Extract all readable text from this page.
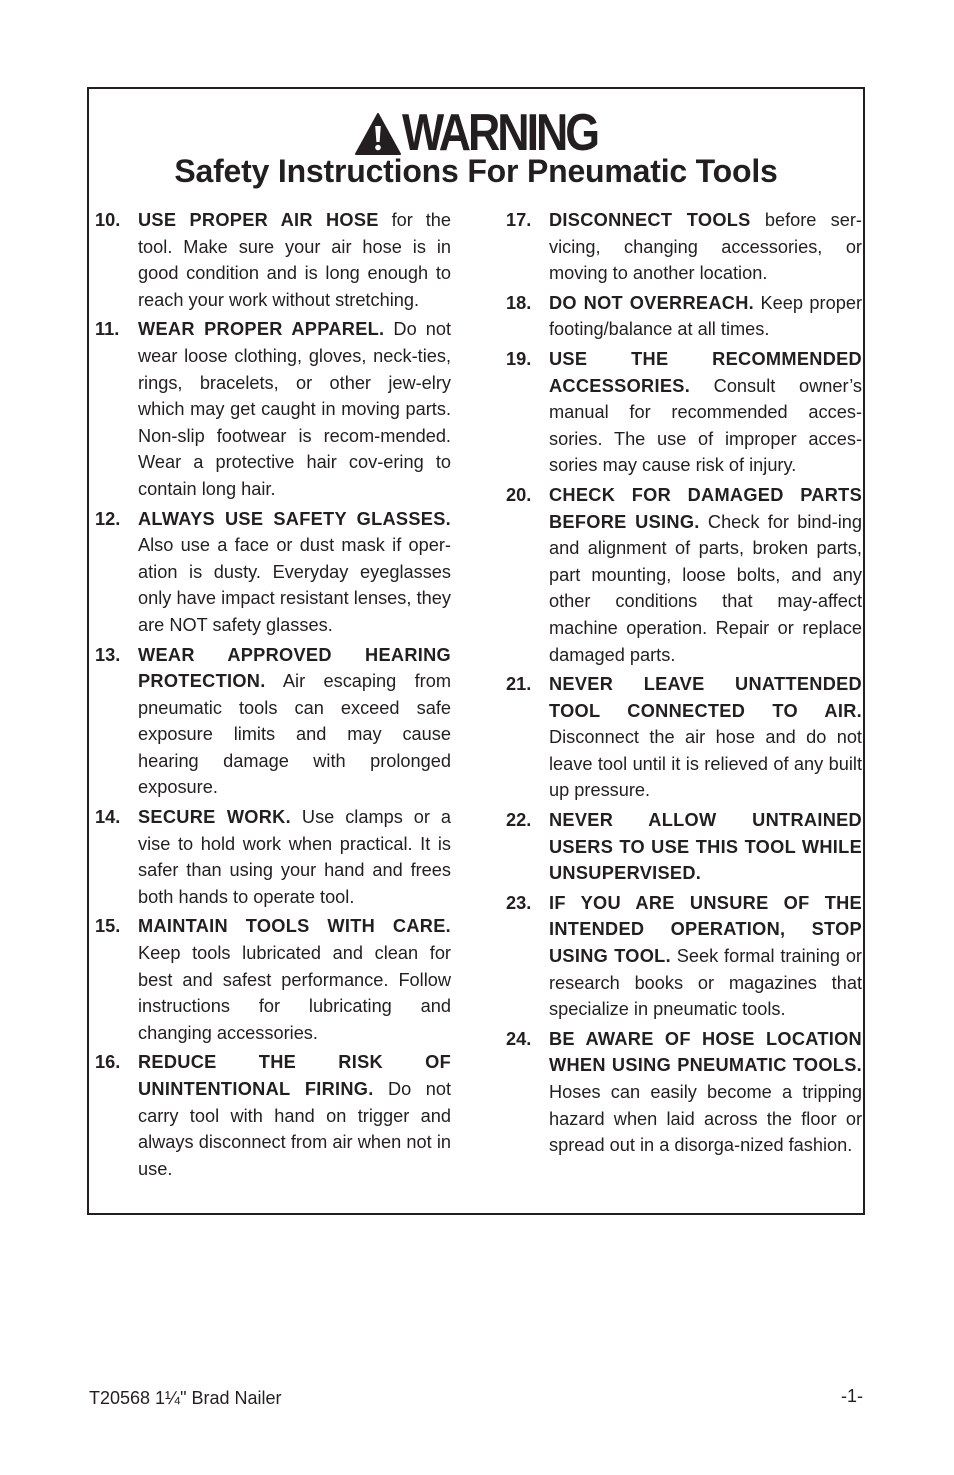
WARNING
Safety Instructions For Pneumatic Tools
10. USE PROPER AIR HOSE for the tool. Make sure your air hose is in good condition and is long enough to reach your work without stretching.
11.	WEAR PROPER APPAREL. Do not wear loose clothing, gloves, neck-ties, rings, bracelets, or other jew-elry which may get caught in moving parts. Non-slip footwear is recom-mended. Wear a protective hair cov-ering to contain long hair.
12. ALWAYS USE SAFETY GLASSES. Also use a face or dust mask if oper-ation is dusty. Everyday eyeglasses only have impact resistant lenses, they are NOT safety glasses.
13. WEAR APPROVED HEARING PROTECTION. Air escaping from pneumatic tools can exceed safe exposure limits and may cause hearing damage with prolonged exposure.
14. SECURE WORK. Use clamps or a vise to hold work when practical. It is safer than using your hand and frees both hands to operate tool.
15. MAINTAIN TOOLS WITH CARE. Keep tools lubricated and clean for best and safest performance. Follow instructions for lubricating and changing accessories.
16. REDUCE THE RISK OF UNINTENTIONAL FIRING. Do not carry tool with hand on trigger and always disconnect from air when not in use.
17. DISCONNECT TOOLS before ser-vicing, changing accessories, or moving to another location.
18. DO NOT OVERREACH. Keep proper footing/balance at all times.
19. USE THE RECOMMENDED ACCESSORIES. Consult owner’s manual for recommended acces-sories. The use of improper acces-sories may cause risk of injury.
20. CHECK FOR DAMAGED PARTS BEFORE USING. Check for bind-ing and alignment of parts, broken parts, part mounting, loose bolts, and any other conditions that may-affect machine operation. Repair or replace damaged parts.
21. NEVER LEAVE UNATTENDED TOOL CONNECTED TO AIR. Disconnect the air hose and do not leave tool until it is relieved of any built up pressure.
22. NEVER ALLOW UNTRAINED USERS TO USE THIS TOOL WHILE UNSUPERVISED.
23. IF YOU ARE UNSURE OF THE INTENDED OPERATION, STOP USING TOOL. Seek formal training or research books or magazines that specialize in pneumatic tools.
24. BE AWARE OF HOSE LOCATION WHEN USING PNEUMATIC TOOLS. Hoses can easily become a tripping hazard when laid across the floor or spread out in a disorga-nized fashion.
T20568 1¼" Brad Nailer	-1-
